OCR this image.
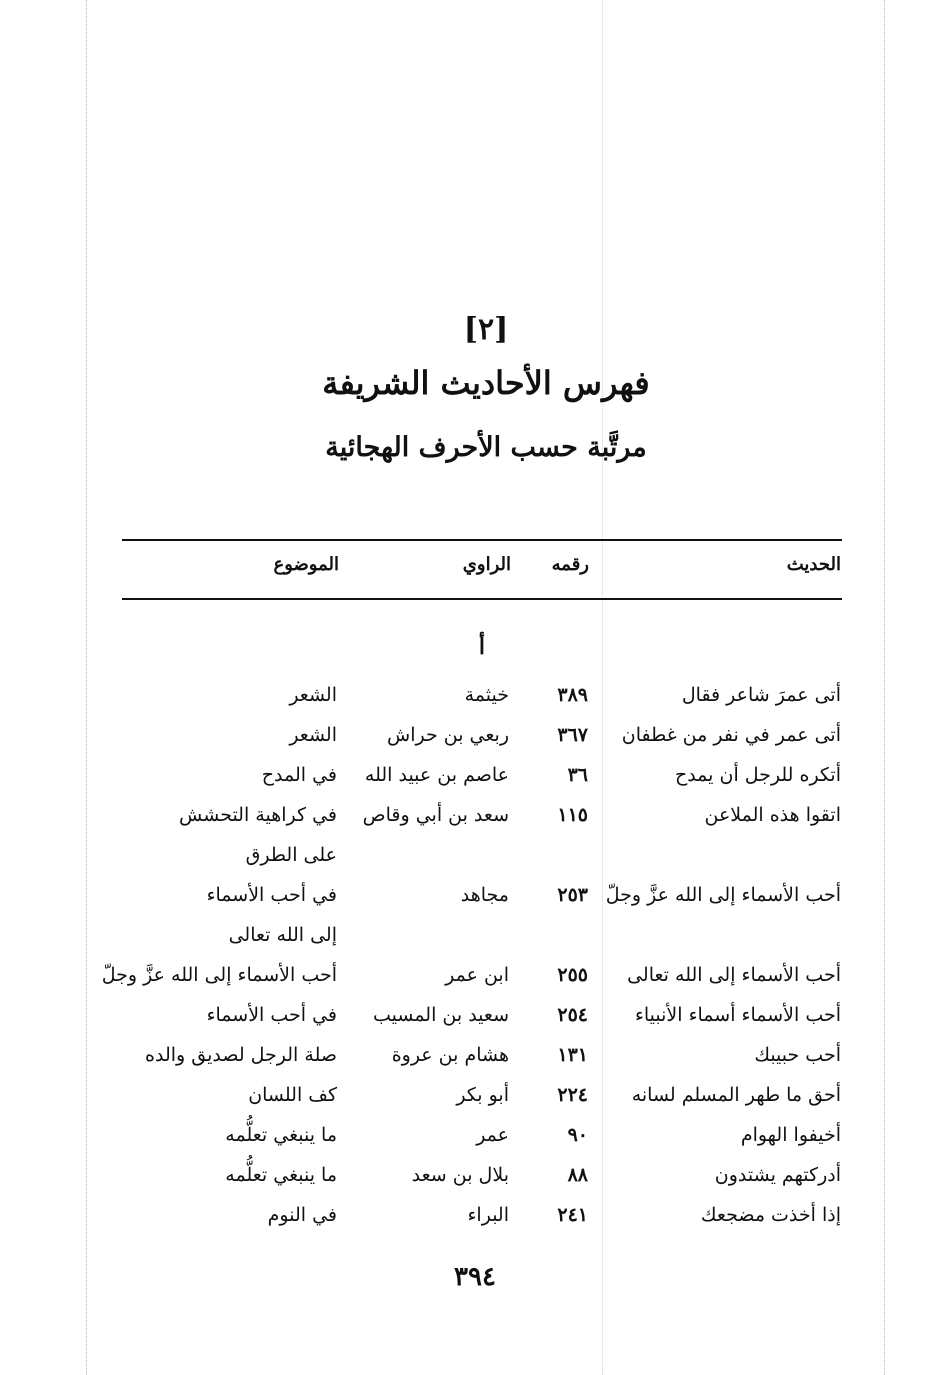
[٢]
فهرس الأحاديث الشريفة
مرتَّبة حسب الأحرف الهجائية
الحديث
رقمه
الراوي
الموضوع
أ
أتى عمرَ شاعر فقال
٣٨٩
خيثمة
الشعر
أتى عمر في نفر من غطفان
٣٦٧
ربعي بن حراش
الشعر
أتكره للرجل أن يمدح
٣٦
عاصم بن عبيد الله
في المدح
اتقوا هذه الملاعن
١١٥
سعد بن أبي وقاص
في كراهية التحشش
على الطرق
أحب الأسماء إلى الله عزَّ وجلّ
٢٥٣
مجاهد
في أحب الأسماء
إلى الله تعالى
أحب الأسماء إلى الله تعالى
٢٥٥
ابن عمر
أحب الأسماء إلى الله عزَّ وجلّ
أحب الأسماء أسماء الأنبياء
٢٥٤
سعيد بن المسيب
في أحب الأسماء
أحب حبيبك
١٣١
هشام بن عروة
صلة الرجل لصديق والده
أحق ما طهر المسلم لسانه
٢٢٤
أبو بكر
كف اللسان
أخيفوا الهوام
٩٠
عمر
ما ينبغي تعلُّمه
أدركتهم يشتدون
٨٨
بلال بن سعد
ما ينبغي تعلُّمه
إذا أخذت مضجعك
٢٤١
البراء
في النوم
٣٩٤
